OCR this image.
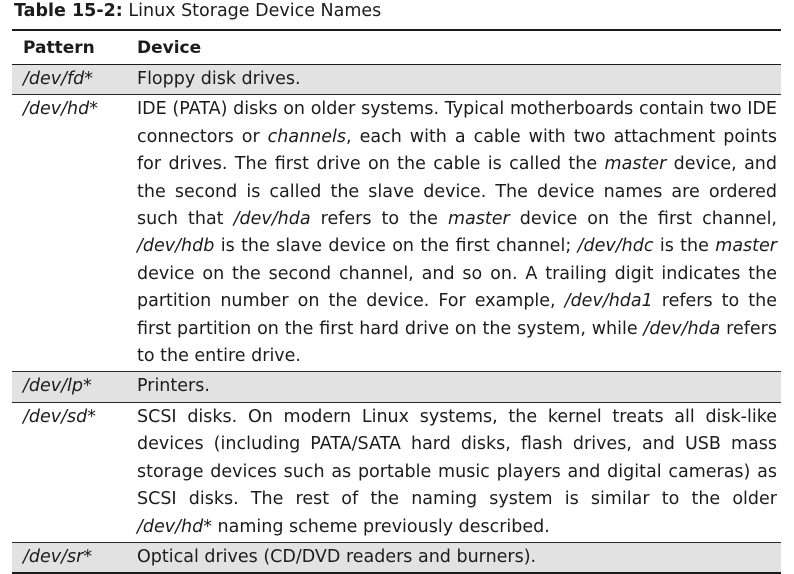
Table 15-2: Linux Storage Device Names
Pattern	Device
/dev/fd*	Floppy disk drives.
/dev/hd*	IDE (PATA) disks on older systems. Typical motherboards contain two IDE connectors or channels, each with a cable with two attachment points for drives. The first drive on the cable is called the master device, and the second is called the slave device. The device names are ordered such that /dev/hda refers to the master device on the first channel, /dev/hdb is the slave device on the first channel; /dev/hdc is the master device on the second channel, and so on. A trailing digit indicates the partition number on the device. For example, /dev/hda1 refers to the first partition on the first hard drive on the system, while /dev/hda refers to the entire drive.
/dev/lp*	Printers.
/dev/sd*	SCSI disks. On modern Linux systems, the kernel treats all disk-like devices (including PATA/SATA hard disks, flash drives, and USB mass storage devices such as portable music players and digital cameras) as SCSI disks. The rest of the naming system is similar to the older /dev/hd* naming scheme previously described.
/dev/sr*	Optical drives (CD/DVD readers and burners).
